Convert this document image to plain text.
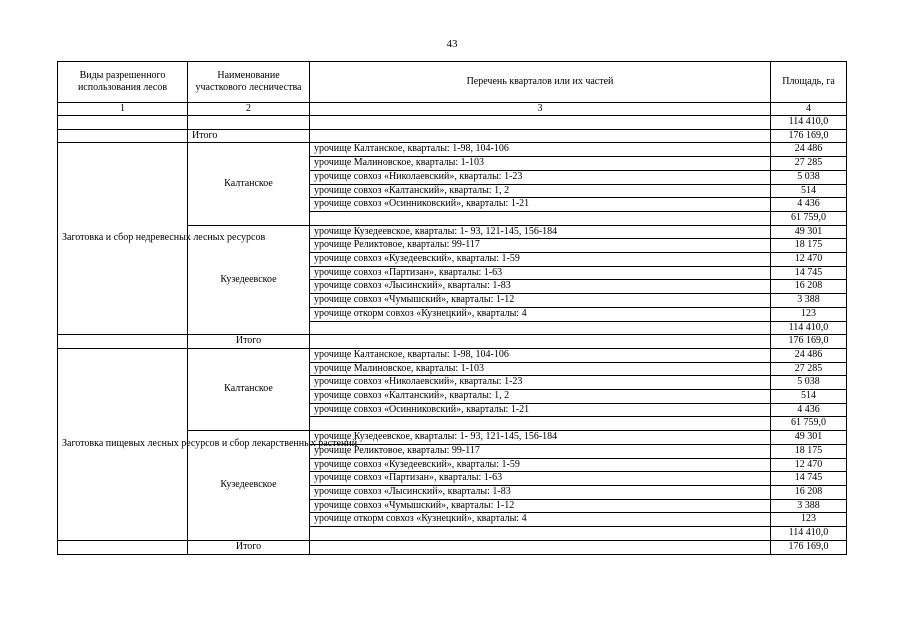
43
Виды разрешенного использования лесов	Наименование участкового лесничества	Перечень кварталов или их частей	Площадь, га
1	2	3	4
			114 410,0
	Итого		176 169,0
Заготовка и сбор недревесных лесных ресурсов	Калтанское	урочище Калтанское, кварталы: 1-98, 104-106	24 486
		урочище Малиновское, кварталы: 1-103	27 285
		урочище совхоз «Николаевский», кварталы: 1-23	5 038
		урочище совхоз «Калтанский», кварталы: 1, 2	514
		урочище совхоз «Осинниковский», кварталы: 1-21	4 436
			61 759,0
	Кузедеевское	урочище Кузедеевское, кварталы: 1- 93, 121-145, 156-184	49 301
		урочище Реликтовое, кварталы: 99-117	18 175
		урочище совхоз «Кузедеевский», кварталы: 1-59	12 470
		урочище совхоз «Партизан», кварталы: 1-63	14 745
		урочище совхоз «Лысинский», кварталы: 1-83	16 208
		урочище совхоз «Чумышский», кварталы: 1-12	3 388
		урочище откорм совхоз «Кузнецкий», кварталы: 4	123
			114 410,0
	Итого		176 169,0
Заготовка пищевых лесных ресурсов и сбор лекарственных растений	Калтанское	урочище Калтанское, кварталы: 1-98, 104-106	24 486
		урочище Малиновское, кварталы: 1-103	27 285
		урочище совхоз «Николаевский», кварталы: 1-23	5 038
		урочище совхоз «Калтанский», кварталы: 1, 2	514
		урочище совхоз «Осинниковский», кварталы: 1-21	4 436
			61 759,0
	Кузедеевское	урочище Кузедеевское, кварталы: 1- 93, 121-145, 156-184	49 301
		урочище Реликтовое, кварталы: 99-117	18 175
		урочище совхоз «Кузедеевский», кварталы: 1-59	12 470
		урочище совхоз «Партизан», кварталы: 1-63	14 745
		урочище совхоз «Лысинский», кварталы: 1-83	16 208
		урочище совхоз «Чумышский», кварталы: 1-12	3 388
		урочище откорм совхоз «Кузнецкий», кварталы: 4	123
			114 410,0
	Итого		176 169,0
